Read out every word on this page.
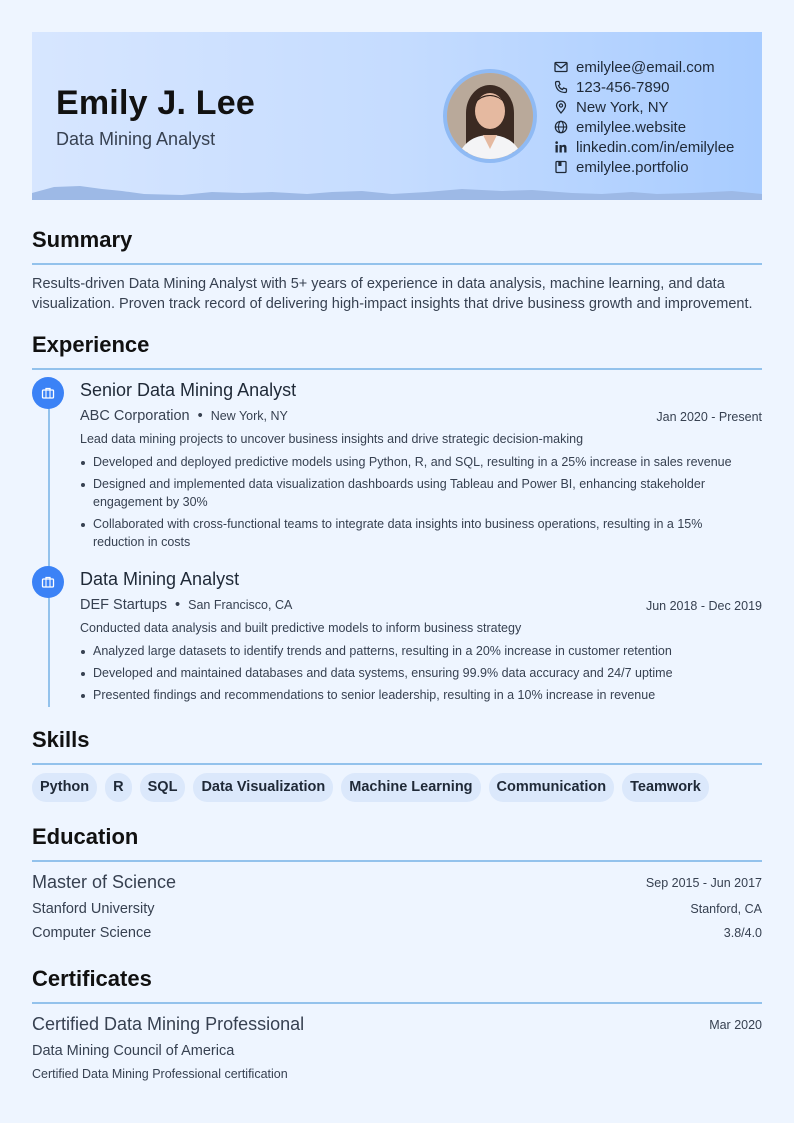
Emily J. Lee
Data Mining Analyst
emilylee@email.com
123-456-7890
New York, NY
emilylee.website
linkedin.com/in/emilylee
emilylee.portfolio
Summary
Results-driven Data Mining Analyst with 5+ years of experience in data analysis, machine learning, and data visualization. Proven track record of delivering high-impact insights that drive business growth and improvement.
Experience
Senior Data Mining Analyst
ABC Corporation • New York, NY	Jan 2020 - Present
Lead data mining projects to uncover business insights and drive strategic decision-making
Developed and deployed predictive models using Python, R, and SQL, resulting in a 25% increase in sales revenue
Designed and implemented data visualization dashboards using Tableau and Power BI, enhancing stakeholder engagement by 30%
Collaborated with cross-functional teams to integrate data insights into business operations, resulting in a 15% reduction in costs
Data Mining Analyst
DEF Startups • San Francisco, CA	Jun 2018 - Dec 2019
Conducted data analysis and built predictive models to inform business strategy
Analyzed large datasets to identify trends and patterns, resulting in a 20% increase in customer retention
Developed and maintained databases and data systems, ensuring 99.9% data accuracy and 24/7 uptime
Presented findings and recommendations to senior leadership, resulting in a 10% increase in revenue
Skills
Python	R	SQL	Data Visualization	Machine Learning	Communication	Teamwork
Education
Master of Science	Sep 2015 - Jun 2017
Stanford University	Stanford, CA
Computer Science	3.8/4.0
Certificates
Certified Data Mining Professional	Mar 2020
Data Mining Council of America
Certified Data Mining Professional certification
